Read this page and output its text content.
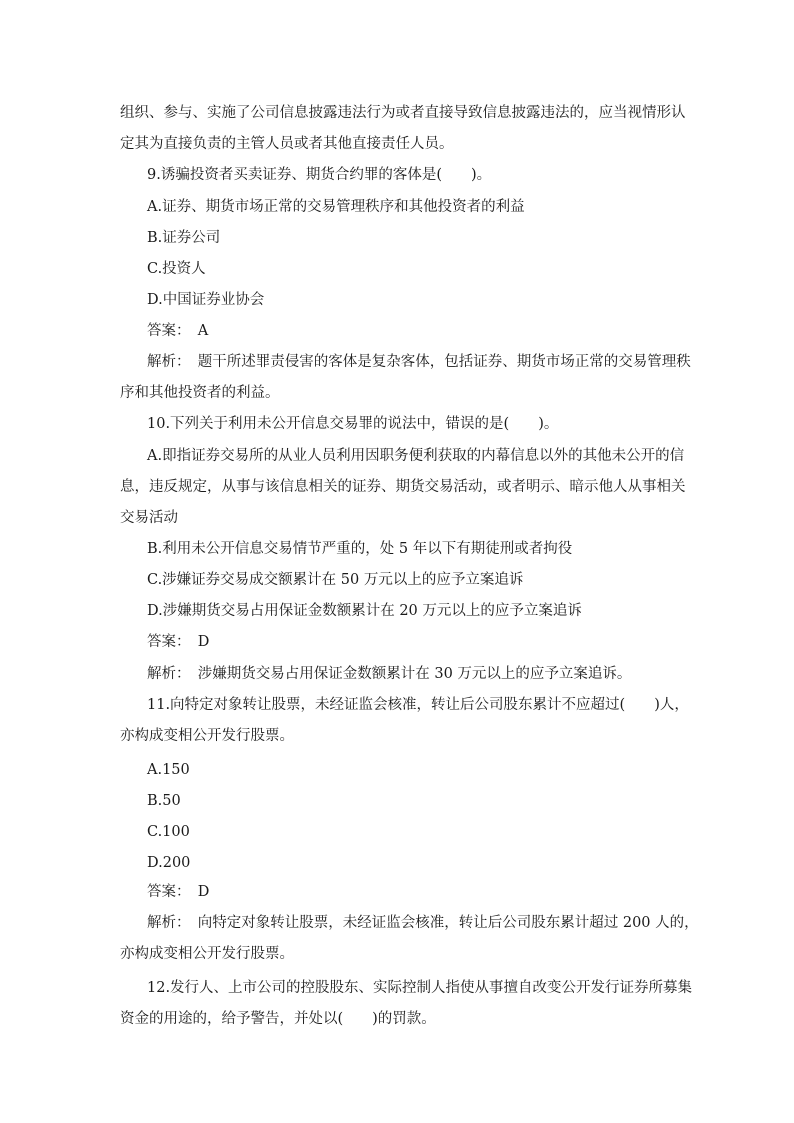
组织、参与、实施了公司信息披露违法行为或者直接导致信息披露违法的，应当视情形认
定其为直接负责的主管人员或者其他直接责任人员。
9.诱骗投资者买卖证券、期货合约罪的客体是(　　)。
A.证券、期货市场正常的交易管理秩序和其他投资者的利益
B.证券公司
C.投资人
D.中国证券业协会
答案：　A
解析：　题干所述罪责侵害的客体是复杂客体，包括证券、期货市场正常的交易管理秩
序和其他投资者的利益。
10.下列关于利用未公开信息交易罪的说法中，错误的是(　　)。
A.即指证券交易所的从业人员利用因职务便利获取的内幕信息以外的其他未公开的信
息，违反规定，从事与该信息相关的证券、期货交易活动，或者明示、暗示他人从事相关
交易活动
B.利用未公开信息交易情节严重的，处 5 年以下有期徒刑或者拘役
C.涉嫌证券交易成交额累计在 50 万元以上的应予立案追诉
D.涉嫌期货交易占用保证金数额累计在 20 万元以上的应予立案追诉
答案：　D
解析：　涉嫌期货交易占用保证金数额累计在 30 万元以上的应予立案追诉。
11.向特定对象转让股票，未经证监会核准，转让后公司股东累计不应超过(　　)人，
亦构成变相公开发行股票。
A.150
B.50
C.100
D.200
答案：　D
解析：　向特定对象转让股票，未经证监会核准，转让后公司股东累计超过 200 人的，
亦构成变相公开发行股票。
12.发行人、上市公司的控股股东、实际控制人指使从事擅自改变公开发行证券所募集
资金的用途的，给予警告，并处以(　　)的罚款。
